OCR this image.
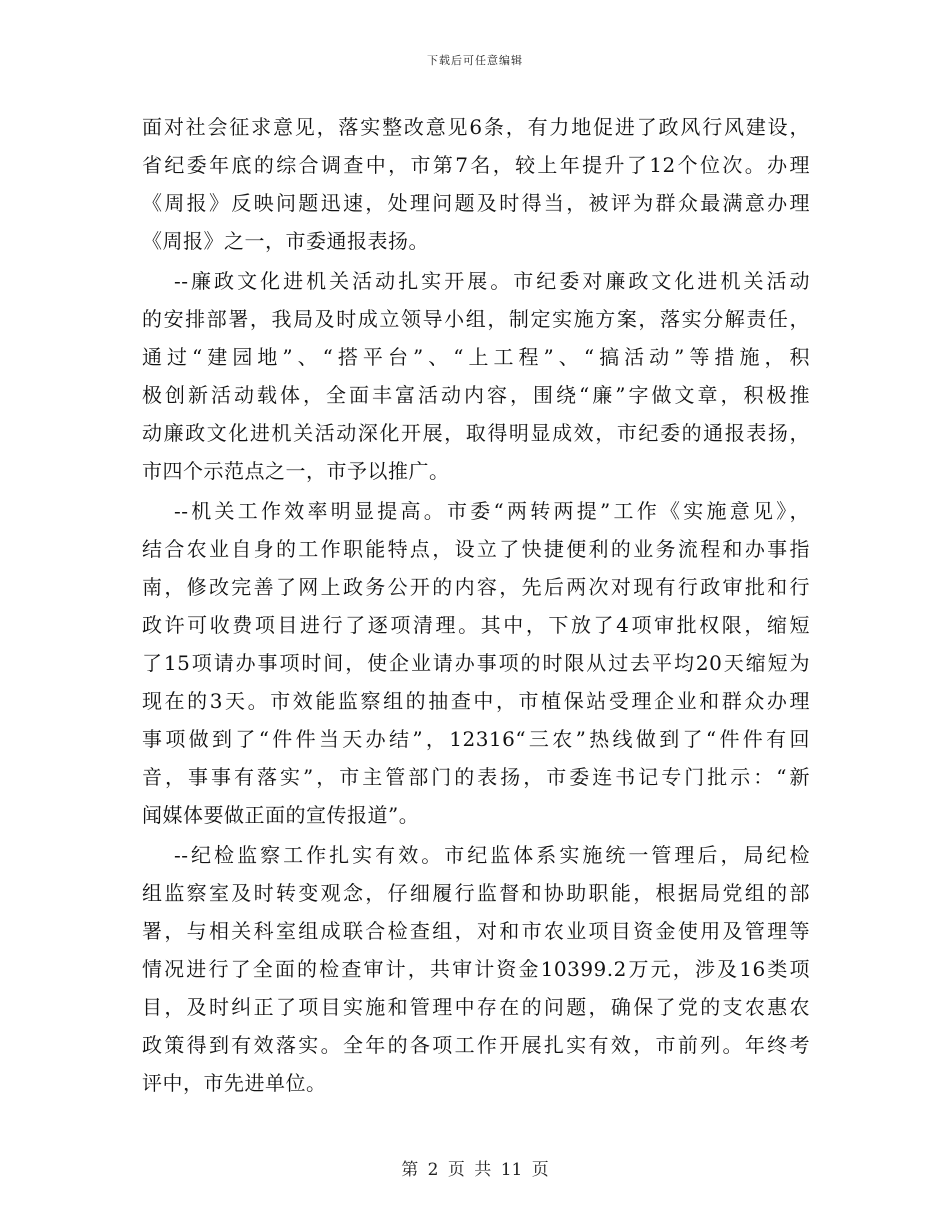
下载后可任意编辑
面对社会征求意见，落实整改意见6条，有力地促进了政风行风建设，
省纪委年底的综合调查中，市第7名，较上年提升了12个位次。办理
《周报》反映问题迅速，处理问题及时得当，被评为群众最满意办理
《周报》之一，市委通报表扬。
--廉政文化进机关活动扎实开展。市纪委对廉政文化进机关活动
的安排部署，我局及时成立领导小组，制定实施方案，落实分解责任，
通过“建园地”、“搭平台”、“上工程”、“搞活动”等措施，积
极创新活动载体，全面丰富活动内容，围绕“廉”字做文章，积极推
动廉政文化进机关活动深化开展，取得明显成效，市纪委的通报表扬，
市四个示范点之一，市予以推广。
--机关工作效率明显提高。市委“两转两提”工作《实施意见》，
结合农业自身的工作职能特点，设立了快捷便利的业务流程和办事指
南，修改完善了网上政务公开的内容，先后两次对现有行政审批和行
政许可收费项目进行了逐项清理。其中，下放了4项审批权限，缩短
了15项请办事项时间，使企业请办事项的时限从过去平均20天缩短为
现在的3天。市效能监察组的抽查中，市植保站受理企业和群众办理
事项做到了“件件当天办结”，12316“三农”热线做到了“件件有回
音，事事有落实”，市主管部门的表扬，市委连书记专门批示：“新
闻媒体要做正面的宣传报道”。
--纪检监察工作扎实有效。市纪监体系实施统一管理后，局纪检
组监察室及时转变观念，仔细履行监督和协助职能，根据局党组的部
署，与相关科室组成联合检查组，对和市农业项目资金使用及管理等
情况进行了全面的检查审计，共审计资金10399.2万元，涉及16类项
目，及时纠正了项目实施和管理中存在的问题，确保了党的支农惠农
政策得到有效落实。全年的各项工作开展扎实有效，市前列。年终考
评中，市先进单位。
第 2 页 共 11 页
